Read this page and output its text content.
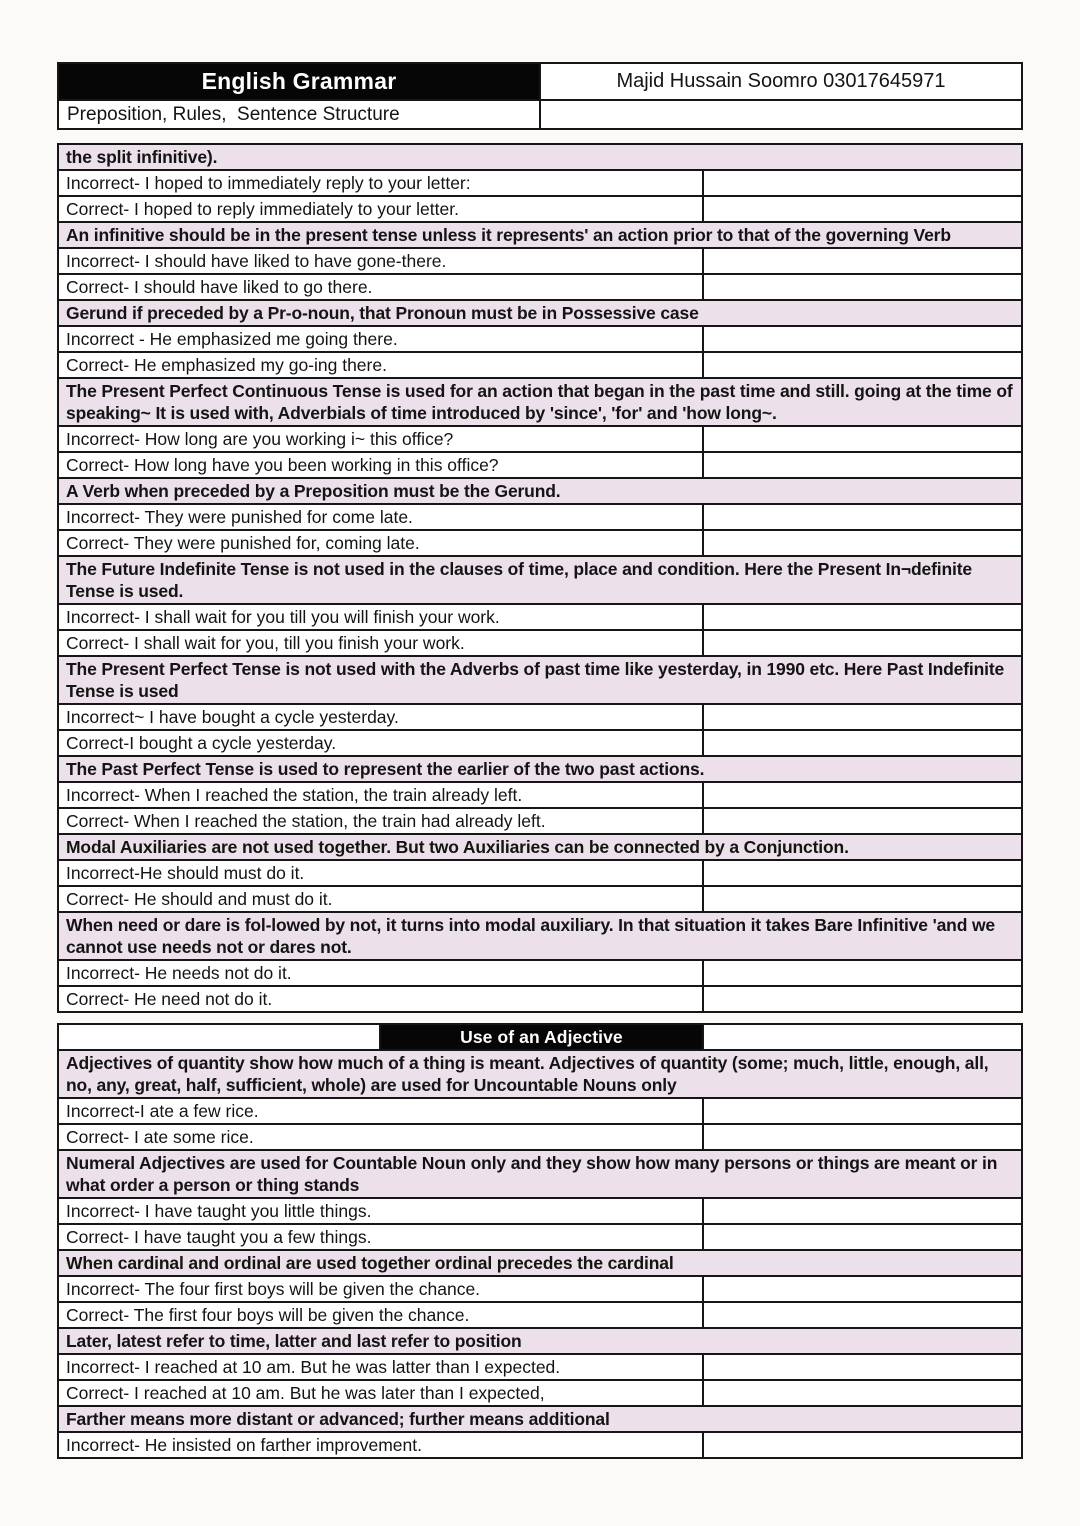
English Grammar	Majid Hussain Soomro 03017645971
Preposition, Rules,  Sentence Structure	
the split infinitive).	
Incorrect- I hoped to immediately reply to your letter:	
Correct- I hoped to reply immediately to your letter.	
An infinitive should be in the present tense unless it represents' an action prior to that of the governing Verb	
Incorrect- I should have liked to have gone-there.	
Correct- I should have liked to go there.	
Gerund if preceded by a Pr-o-noun, that Pronoun must be in Possessive case	
Incorrect - He emphasized me going there.	
Correct- He emphasized my go-ing there.	
The Present Perfect Continuous Tense is used for an action that began in the past time and still. going at the time of speaking~ It is used with, Adverbials of time introduced by 'since', 'for' and 'how long~.	
Incorrect- How long are you working i~ this office?	
Correct- How long have you been working in this office?	
A Verb when preceded by a Preposition must be the Gerund.	
Incorrect- They were punished for come late.	
Correct- They were punished for, coming late.	
The Future Indefinite Tense is not used in the clauses of time, place and condition. Here the Present In¬definite Tense is used.	
Incorrect- I shall wait for you till you will finish your work.	
Correct- I shall wait for you, till you finish your work.	
The Present Perfect Tense is not used with the Adverbs of past time like yesterday, in 1990 etc. Here Past Indefinite Tense is used	
Incorrect~ I have bought a cycle yesterday.	
Correct-I bought a cycle yesterday.	
The Past Perfect Tense is used to represent the earlier of the two past actions.	
Incorrect- When I reached the station, the train already left.	
Correct- When I reached the station, the train had already left.	
Modal Auxiliaries are not used together. But two Auxiliaries can be connected by a Conjunction.	
Incorrect-He should must do it.	
Correct- He should and must do it.	
When need or dare is fol-lowed by not, it turns into modal auxiliary. In that situation it takes Bare Infinitive 'and we cannot use needs not or dares not.	
Incorrect- He needs not do it.	
Correct- He need not do it.	
	Use of an Adjective	
Adjectives of quantity show how much of a thing is meant. Adjectives of quantity (some; much, little, enough, all, no, any, great, half, sufficient, whole) are used for Uncountable Nouns only		
Incorrect-I ate a few rice.		
Correct- I ate some rice.		
Numeral Adjectives are used for Countable Noun only and they show how many persons or things are meant or in what order a person or thing stands		
Incorrect- I have taught you little things.		
Correct- I have taught you a few things.		
When cardinal and ordinal are used together ordinal precedes the cardinal		
Incorrect- The four first boys will be given the chance.		
Correct- The first four boys will be given the chance.		
Later, latest refer to time, latter and last refer to position		
Incorrect- I reached at 10 am. But he was latter than I expected.		
Correct- I reached at 10 am. But he was later than I expected,		
Farther means more distant or advanced; further means additional		
Incorrect- He insisted on farther improvement.		
